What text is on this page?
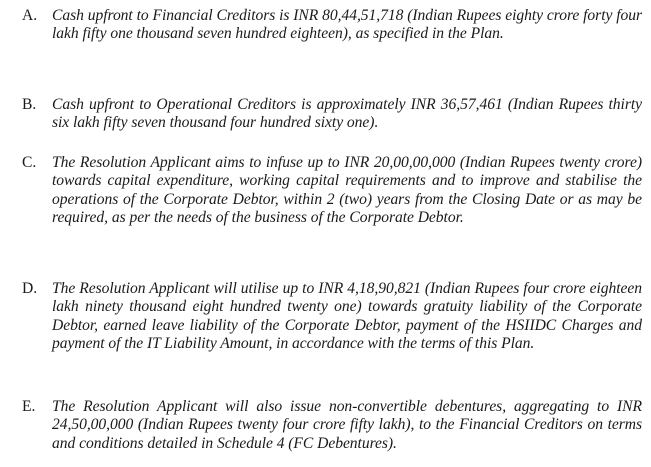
A. Cash upfront to Financial Creditors is INR 80,44,51,718 (Indian Rupees eighty crore forty four lakh fifty one thousand seven hundred eighteen), as specified in the Plan.
B. Cash upfront to Operational Creditors is approximately INR 36,57,461 (Indian Rupees thirty six lakh fifty seven thousand four hundred sixty one).
C. The Resolution Applicant aims to infuse up to INR 20,00,00,000 (Indian Rupees twenty crore) towards capital expenditure, working capital requirements and to improve and stabilise the operations of the Corporate Debtor, within 2 (two) years from the Closing Date or as may be required, as per the needs of the business of the Corporate Debtor.
D. The Resolution Applicant will utilise up to INR 4,18,90,821 (Indian Rupees four crore eighteen lakh ninety thousand eight hundred twenty one) towards gratuity liability of the Corporate Debtor, earned leave liability of the Corporate Debtor, payment of the HSIIDC Charges and payment of the IT Liability Amount, in accordance with the terms of this Plan.
E. The Resolution Applicant will also issue non-convertible debentures, aggregating to INR 24,50,00,000 (Indian Rupees twenty four crore fifty lakh), to the Financial Creditors on terms and conditions detailed in Schedule 4 (FC Debentures).
